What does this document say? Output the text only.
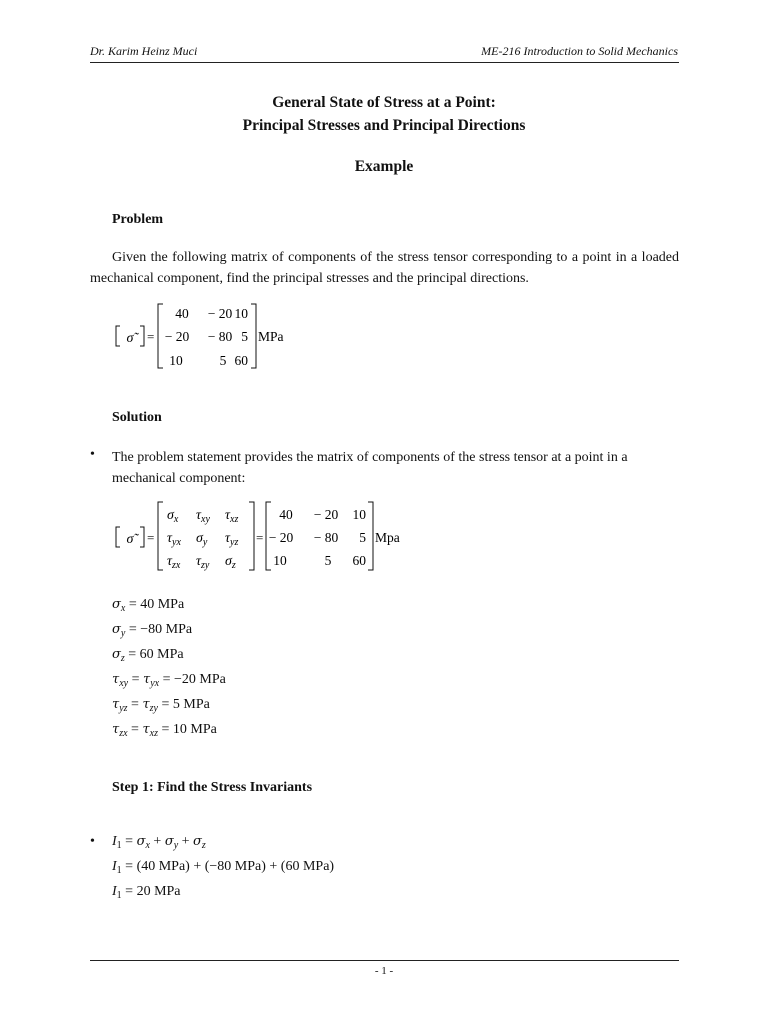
Dr. Karim Heinz Muci	ME-216 Introduction to Solid Mechanics
General State of Stress at a Point:
Principal Stresses and Principal Directions
Example
Problem
Given the following matrix of components of the stress tensor corresponding to a point in a loaded mechanical component, find the principal stresses and the principal directions.
σ̃	=
40 − 20 10
− 20 − 80 5
10	5 60
MPa
Solution
• The problem statement provides the matrix of components of the stress tensor at a point in a mechanical component:
σ̃	=
$\sigma_x$ $\tau_{xy}$ $\tau_{xz}$
$\tau_{yx}$ $\sigma_y$ $\tau_{yz}$
$\tau_{zx}$ $\tau_{zy}$ $\sigma_z$
=
40 − 20 10
− 20 − 80 5
10	5 60
Mpa
$\sigma_x = 40$ MPa
$\sigma_y = -80$ MPa
$\sigma_z = 60$ MPa
$\tau_{xy} = \tau_{yx} = -20$ MPa
$\tau_{yz} = \tau_{zy} = 5$ MPa
$\tau_{zx} = \tau_{xz} = 10$ MPa
Step 1: Find the Stress Invariants
• $I_1 = \sigma_x + \sigma_y + \sigma_z$
$I_1 = (40$ MPa) + (−80 MPa) + (60 MPa)
$I_1 = 20$ MPa
- 1 -
